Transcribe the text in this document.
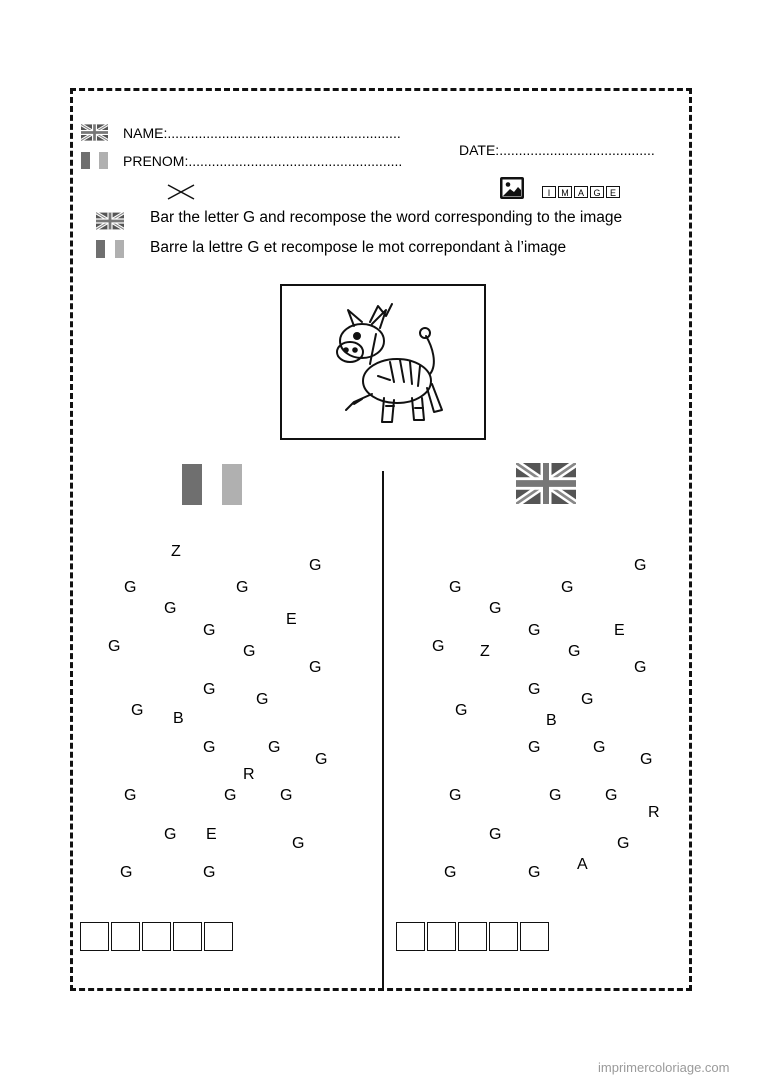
NAME:............................................................
PRENOM:.......................................................
DATE:........................................
I	M	A	G	E
Bar the letter G and recompose the word corresponding to the image
Barre la lettre G et recompose le mot correpondant à l’image
Z
G
G	G
G
E
G
G	G
G
G
G
G B
G	G
G
R
G	G	G
G E
G
G	G
G
G	G
G
G	E
G Z	G
G
G
G
G
B
G	G
G
G	G	G
R
G
G
G	A
G
imprimercoloriage.com
